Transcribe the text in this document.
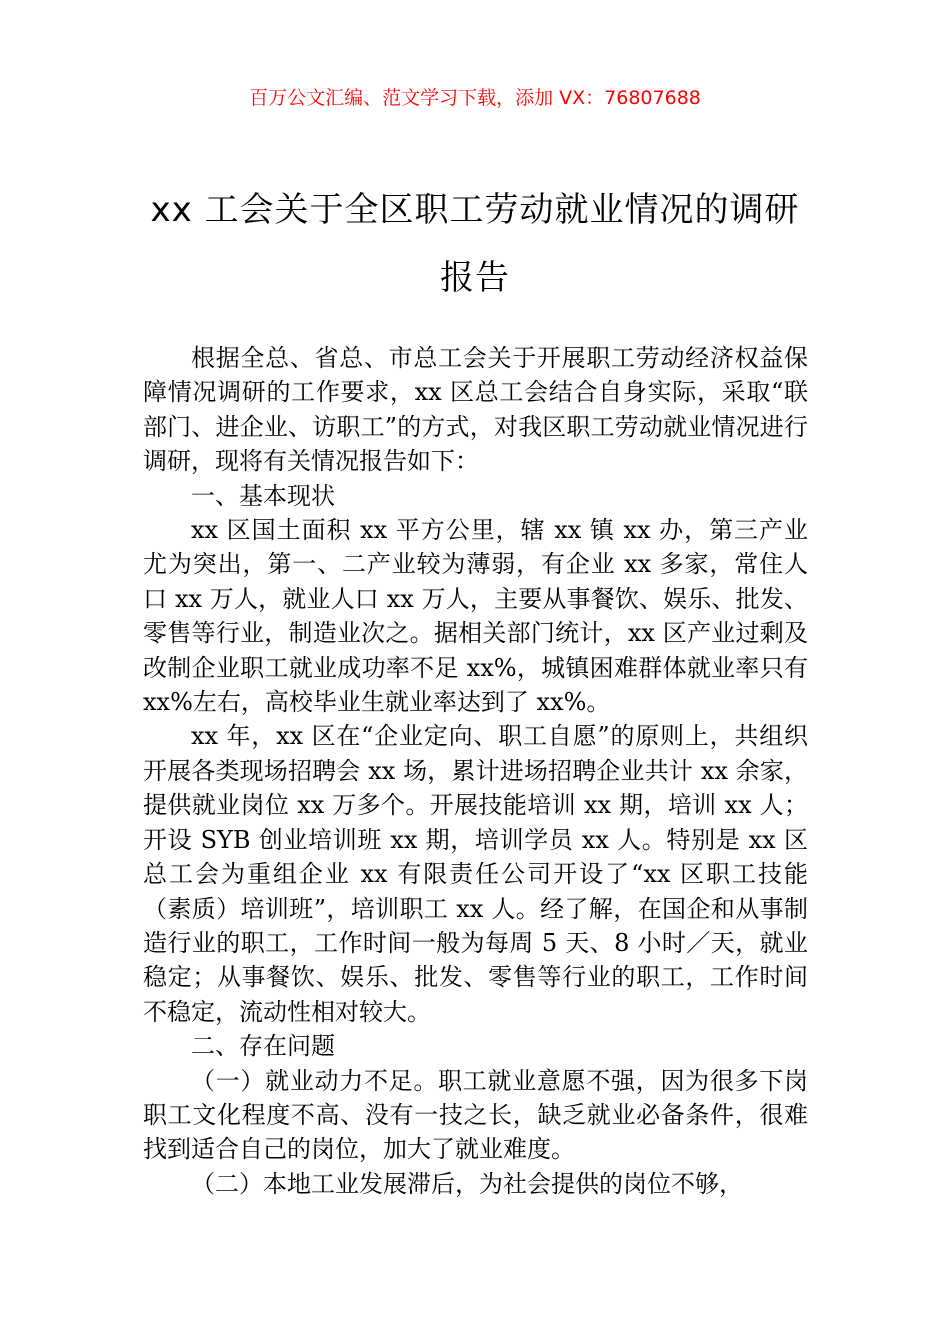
百万公文汇编、范文学习下载，添加 VX：76807688
xx 工会关于全区职工劳动就业情况的调研报告

根据全总、省总、市总工会关于开展职工劳动经济权益保障情况调研的工作要求，xx 区总工会结合自身实际，采取“联部门、进企业、访职工”的方式，对我区职工劳动就业情况进行调研，现将有关情况报告如下：

一、基本现状

xx 区国土面积 xx 平方公里，辖 xx 镇 xx 办，第三产业尤为突出，第一、二产业较为薄弱，有企业 xx 多家，常住人口 xx 万人，就业人口 xx 万人，主要从事餐饮、娱乐、批发、零售等行业，制造业次之。据相关部门统计，xx 区产业过剩及改制企业职工就业成功率不足 xx%，城镇困难群体就业率只有 xx%左右，高校毕业生就业率达到了 xx%。

xx 年，xx 区在“企业定向、职工自愿”的原则上，共组织开展各类现场招聘会 xx 场，累计进场招聘企业共计 xx 余家，提供就业岗位 xx 万多个。开展技能培训 xx 期，培训 xx 人；开设 SYB 创业培训班 xx 期，培训学员 xx 人。特别是 xx 区总工会为重组企业 xx 有限责任公司开设了“xx 区职工技能（素质）培训班”，培训职工 xx 人。经了解，在国企和从事制造行业的职工，工作时间一般为每周 5 天、8 小时／天，就业稳定；从事餐饮、娱乐、批发、零售等行业的职工，工作时间不稳定，流动性相对较大。

二、存在问题

（一）就业动力不足。职工就业意愿不强，因为很多下岗职工文化程度不高、没有一技之长，缺乏就业必备条件，很难找到适合自己的岗位，加大了就业难度。

（二）本地工业发展滞后，为社会提供的岗位不够，
